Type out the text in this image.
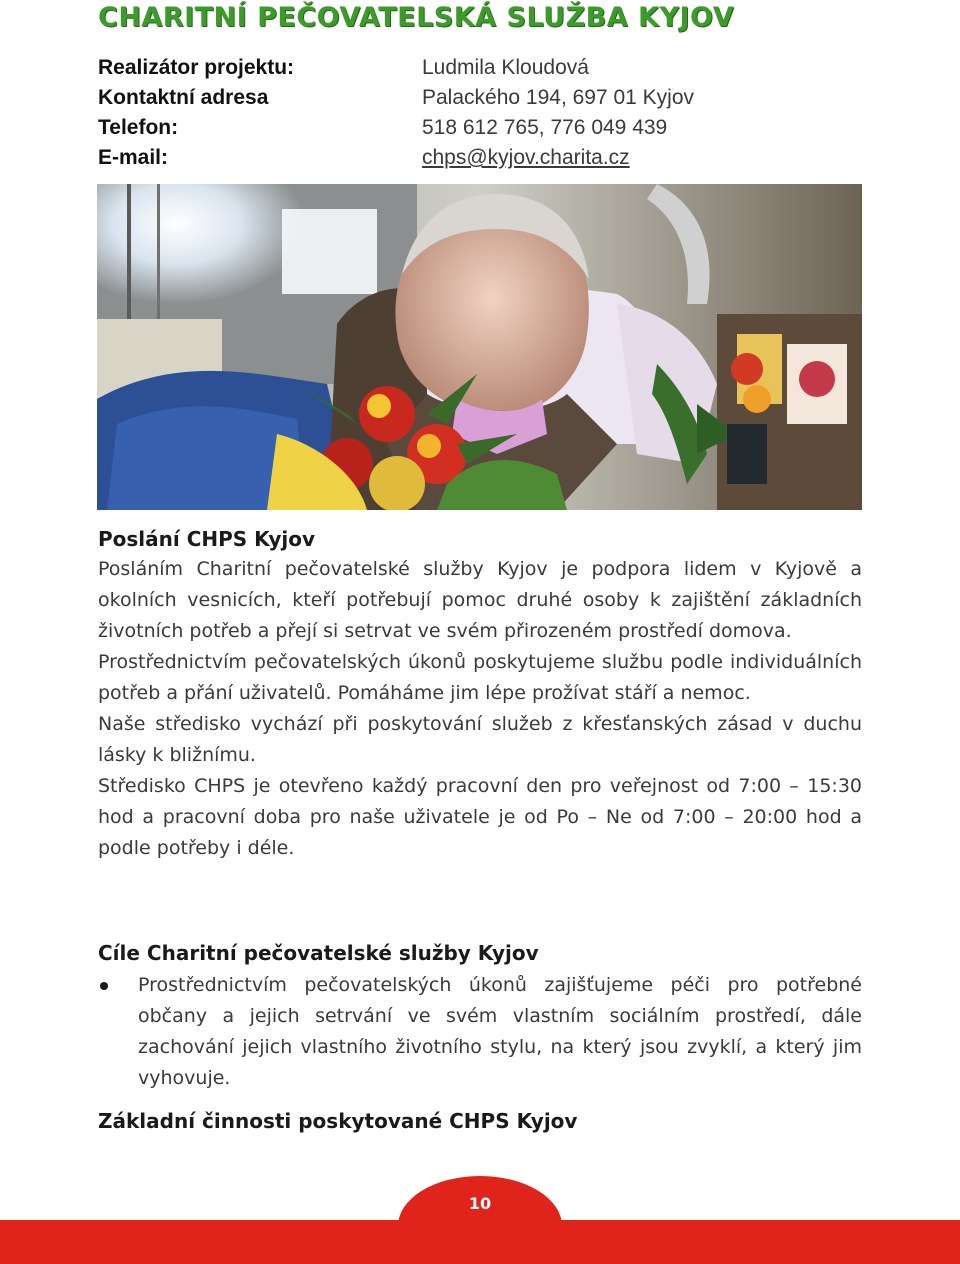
CHARITNÍ PEČOVATELSKÁ SLUŽBA KYJOV
Realizátor projektu:	Ludmila Kloudová
Kontaktní adresa	Palackého 194, 697 01 Kyjov
Telefon:	518 612 765, 776 049 439
E-mail:	chps@kyjov.charita.cz
Poslání CHPS Kyjov

Posláním Charitní pečovatelské služby Kyjov je podpora lidem v Kyjově a okolních vesnicích, kteří potřebují pomoc druhé osoby k zajištění základních životních potřeb a přejí si setrvat ve svém přirozeném prostředí domova.

Prostřednictvím pečovatelských úkonů poskytujeme službu podle individuálních potřeb a přání uživatelů. Pomáháme jim lépe prožívat stáří a nemoc.

Naše středisko vychází při poskytování služeb z křesťanských zásad v duchu lásky k bližnímu.

Středisko CHPS je otevřeno každý pracovní den pro veřejnost od 7:00 – 15:30 hod a pracovní doba pro naše uživatele je od Po – Ne od 7:00 – 20:00 hod a podle potřeby i déle.

Cíle Charitní pečovatelské služby Kyjov
Prostřednictvím pečovatelských úkonů zajišťujeme péči pro potřebné občany a jejich setrvání ve svém vlastním sociálním prostředí, dále zachování jejich vlastního životního stylu, na který jsou zvyklí, a který jim vyhovuje.
Základní činnosti poskytované CHPS Kyjov
10
